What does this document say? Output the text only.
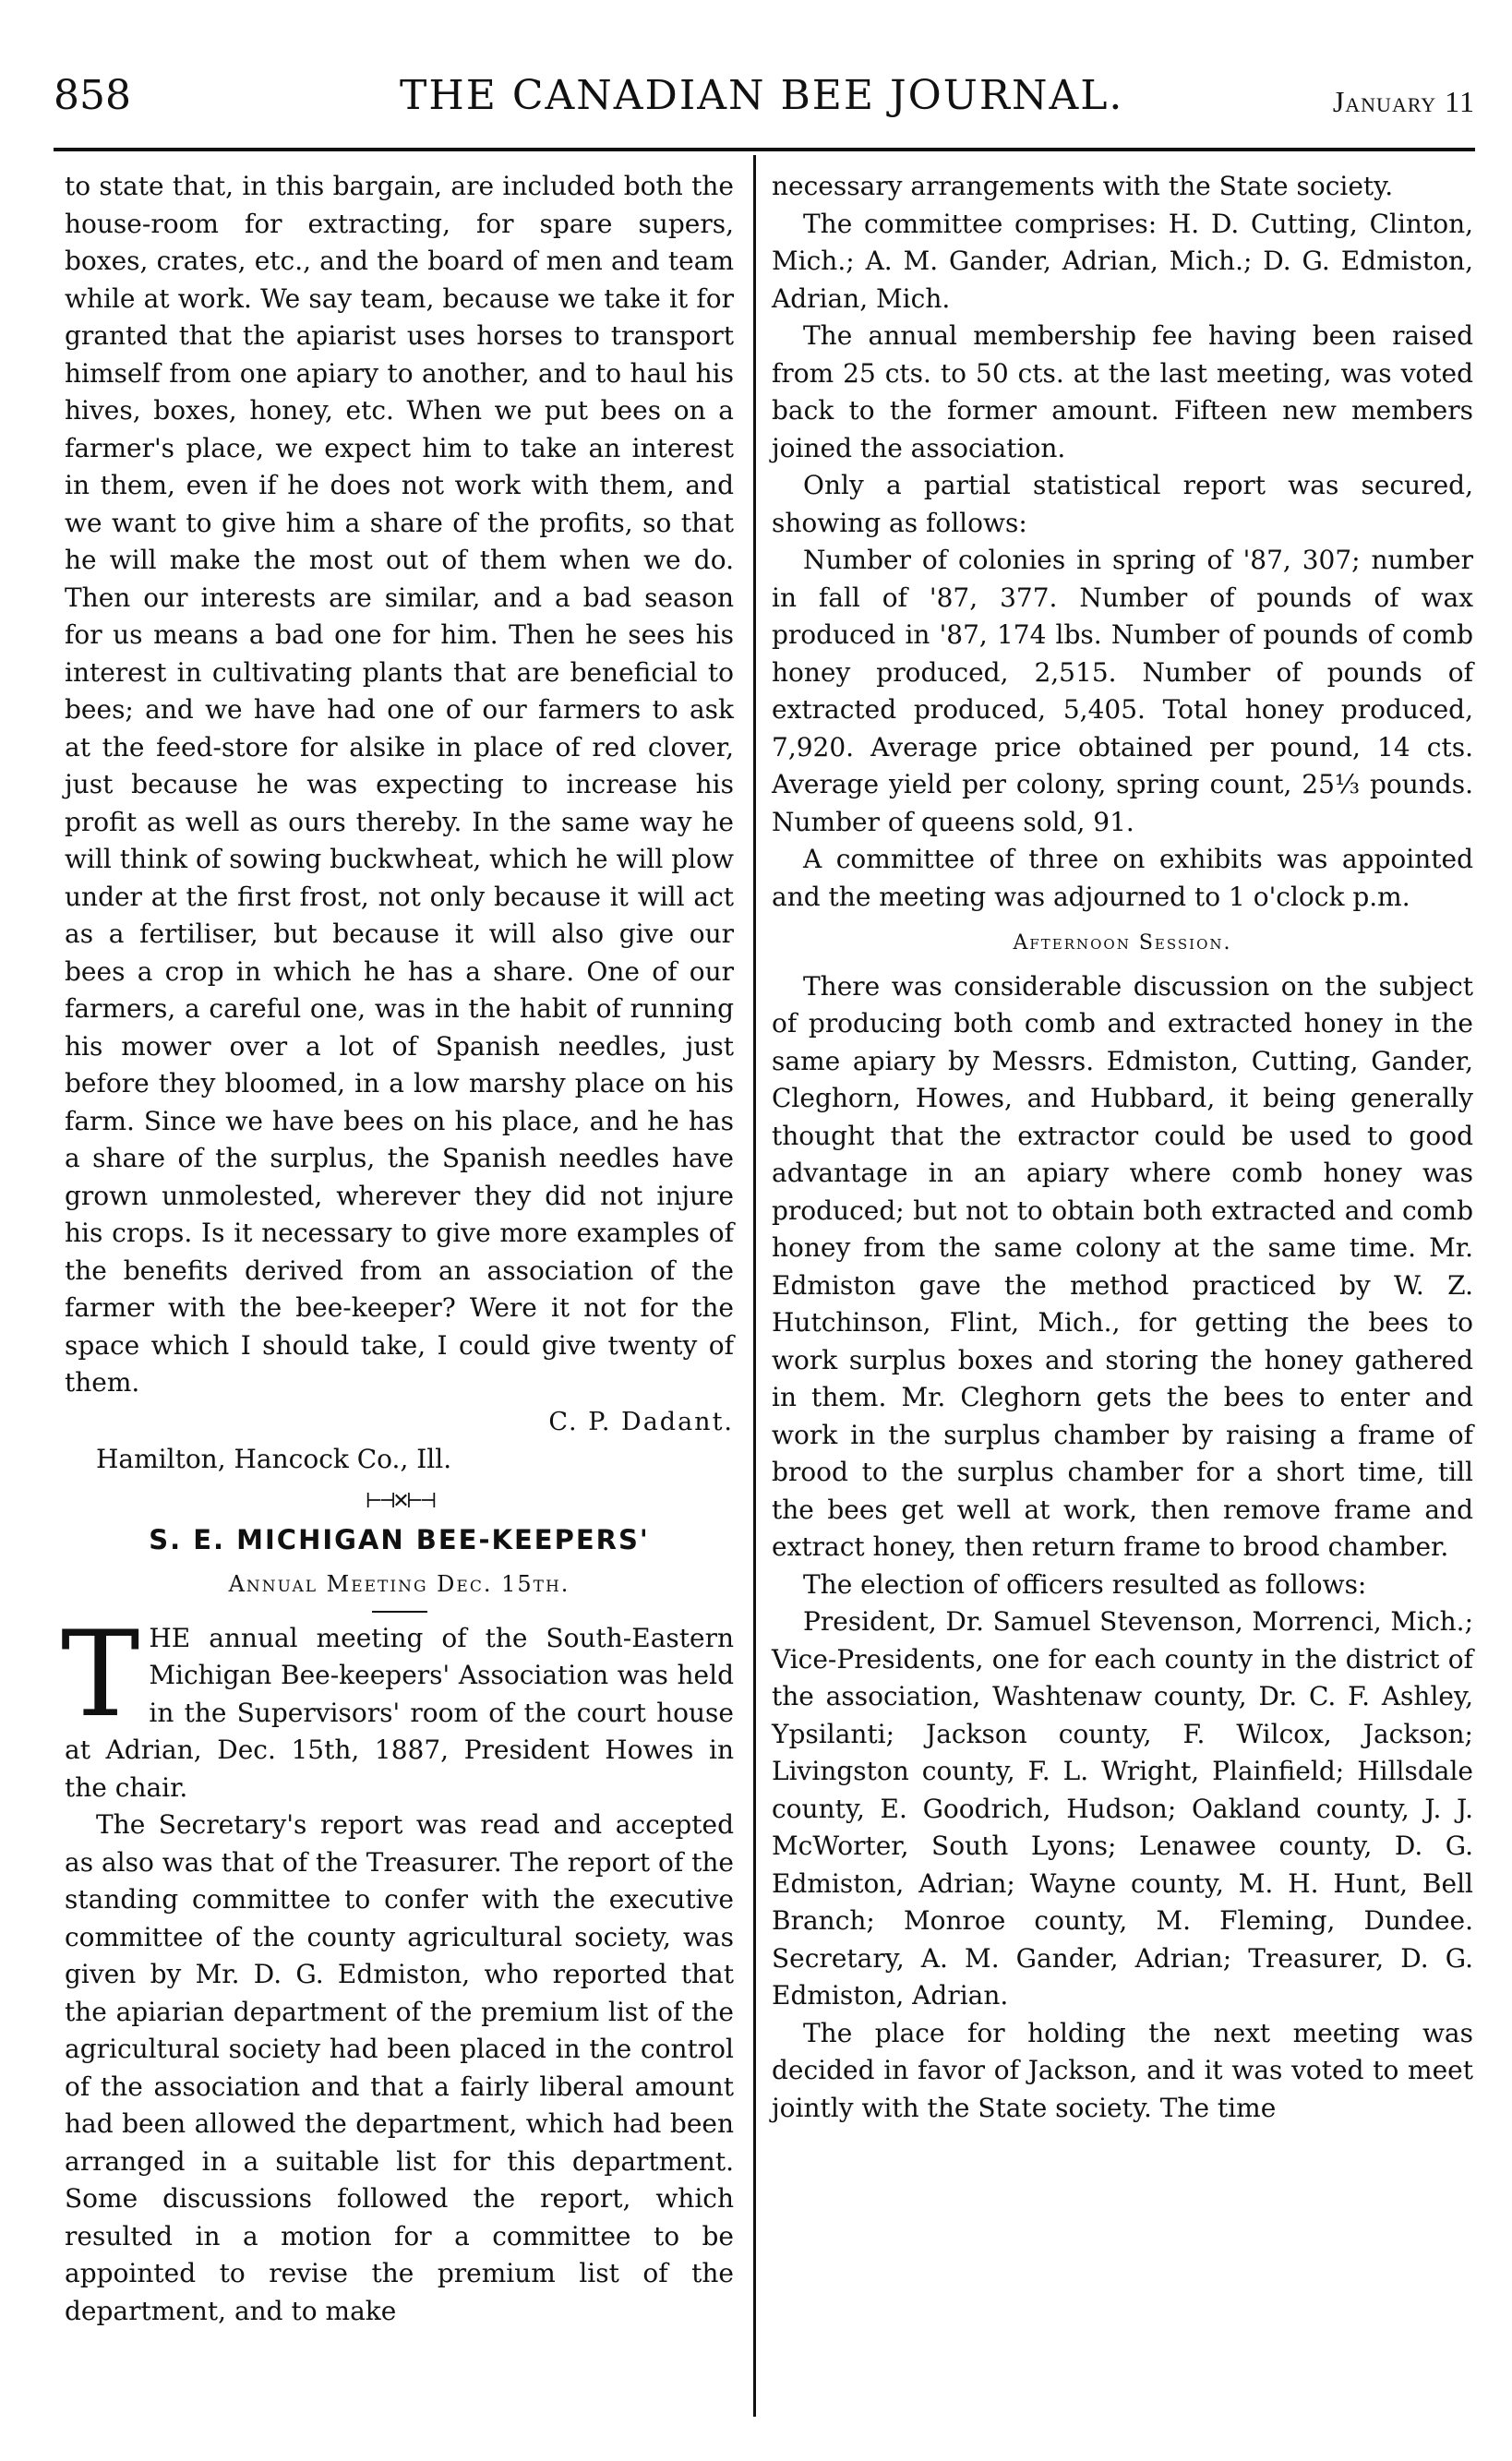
858	THE CANADIAN BEE JOURNAL.	January 11

to state that, in this bargain, are included both the house-room for extracting, for spare supers, boxes, crates, etc., and the board of men and team while at work. We say team, because we take it for granted that the apiarist uses horses to transport himself from one apiary to another, and to haul his hives, boxes, honey, etc. When we put bees on a farmer's place, we expect him to take an interest in them, even if he does not work with them, and we want to give him a share of the profits, so that he will make the most out of them when we do. Then our interests are similar, and a bad season for us means a bad one for him. Then he sees his interest in cultivating plants that are beneficial to bees; and we have had one of our farmers to ask at the feed-store for alsike in place of red clover, just because he was expecting to increase his profit as well as ours thereby. In the same way he will think of sowing buckwheat, which he will plow under at the first frost, not only because it will act as a fertiliser, but because it will also give our bees a crop in which he has a share. One of our farmers, a careful one, was in the habit of running his mower over a lot of Spanish needles, just before they bloomed, in a low marshy place on his farm. Since we have bees on his place, and he has a share of the surplus, the Spanish needles have grown unmolested, wherever they did not injure his crops. Is it necessary to give more examples of the benefits derived from an association of the farmer with the bee-keeper? Were it not for the space which I should take, I could give twenty of them.

C. P. Dadant.

Hamilton, Hancock Co., Ill.

⊢⊣✕⊢⊣
S. E. MICHIGAN BEE-KEEPERS'
Annual Meeting Dec. 15th.

T HE annual meeting of the South-Eastern Michigan Bee-keepers' Association was held in the Supervisors' room of the court house at Adrian, Dec. 15th, 1887, President Howes in the chair.

The Secretary's report was read and accepted as also was that of the Treasurer. The report of the standing committee to confer with the executive committee of the county agricultural society, was given by Mr. D. G. Edmiston, who reported that the apiarian department of the premium list of the agricultural society had been placed in the control of the association and that a fairly liberal amount had been allowed the department, which had been arranged in a suitable list for this department. Some discussions followed the report, which resulted in a motion for a committee to be appointed to revise the premium list of the department, and to make

necessary arrangements with the State society.

The committee comprises: H. D. Cutting, Clinton, Mich.; A. M. Gander, Adrian, Mich.; D. G. Edmiston, Adrian, Mich.

The annual membership fee having been raised from 25 cts. to 50 cts. at the last meeting, was voted back to the former amount. Fifteen new members joined the association.

Only a partial statistical report was secured, showing as follows:

Number of colonies in spring of '87, 307; number in fall of '87, 377. Number of pounds of wax produced in '87, 174 lbs. Number of pounds of comb honey produced, 2,515. Number of pounds of extracted produced, 5,405. Total honey produced, 7,920. Average price obtained per pound, 14 cts. Average yield per colony, spring count, 25⅓ pounds. Number of queens sold, 91.

A committee of three on exhibits was appointed and the meeting was adjourned to 1 o'clock p.m.

Afternoon Session.

There was considerable discussion on the subject of producing both comb and extracted honey in the same apiary by Messrs. Edmiston, Cutting, Gander, Cleghorn, Howes, and Hubbard, it being generally thought that the extractor could be used to good advantage in an apiary where comb honey was produced; but not to obtain both extracted and comb honey from the same colony at the same time. Mr. Edmiston gave the method practiced by W. Z. Hutchinson, Flint, Mich., for getting the bees to work surplus boxes and storing the honey gathered in them. Mr. Cleghorn gets the bees to enter and work in the surplus chamber by raising a frame of brood to the surplus chamber for a short time, till the bees get well at work, then remove frame and extract honey, then return frame to brood chamber.

The election of officers resulted as follows:

President, Dr. Samuel Stevenson, Morrenci, Mich.; Vice-Presidents, one for each county in the district of the association, Washtenaw county, Dr. C. F. Ashley, Ypsilanti; Jackson county, F. Wilcox, Jackson; Livingston county, F. L. Wright, Plainfield; Hillsdale county, E. Goodrich, Hudson; Oakland county, J. J. McWorter, South Lyons; Lenawee county, D. G. Edmiston, Adrian; Wayne county, M. H. Hunt, Bell Branch; Monroe county, M. Fleming, Dundee. Secretary, A. M. Gander, Adrian; Treasurer, D. G. Edmiston, Adrian.

The place for holding the next meeting was decided in favor of Jackson, and it was voted to meet jointly with the State society. The time
